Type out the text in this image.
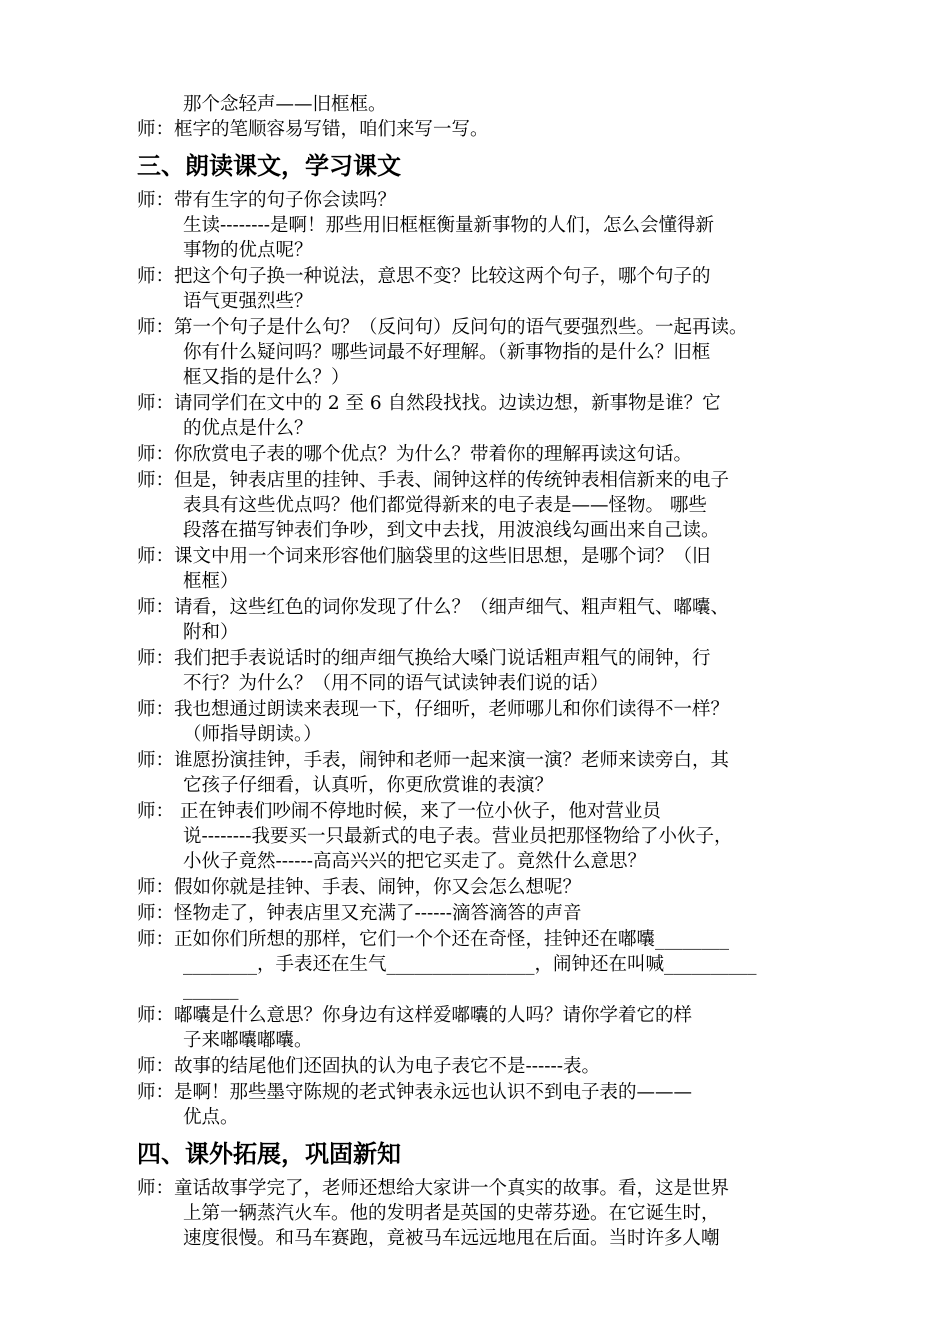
那个念轻声——旧框框。
师：框字的笔顺容易写错，咱们来写一写。
三、朗读课文，学习课文
师：带有生字的句子你会读吗？
生读--------是啊！那些用旧框框衡量新事物的人们，怎么会懂得新
事物的优点呢？
师：把这个句子换一种说法，意思不变？比较这两个句子，哪个句子的
语气更强烈些？
师：第一个句子是什么句？（反问句）反问句的语气要强烈些。一起再读。
你有什么疑问吗？哪些词最不好理解。（新事物指的是什么？旧框
框又指的是什么？）
师：请同学们在文中的 2 至 6 自然段找找。边读边想，新事物是谁？它
的优点是什么？
师：你欣赏电子表的哪个优点？为什么？带着你的理解再读这句话。
师：但是，钟表店里的挂钟、手表、闹钟这样的传统钟表相信新来的电子
表具有这些优点吗？他们都觉得新来的电子表是——怪物。 哪些
段落在描写钟表们争吵，到文中去找，用波浪线勾画出来自己读。
师：课文中用一个词来形容他们脑袋里的这些旧思想，是哪个词？（旧
框框）
师：请看，这些红色的词你发现了什么？（细声细气、粗声粗气、嘟囔、
附和）
师：我们把手表说话时的细声细气换给大嗓门说话粗声粗气的闹钟，行
不行？为什么？（用不同的语气试读钟表们说的话）
师：我也想通过朗读来表现一下，仔细听，老师哪儿和你们读得不一样？
（师指导朗读。）
师：谁愿扮演挂钟，手表，闹钟和老师一起来演一演？老师来读旁白，其
它孩子仔细看，认真听，你更欣赏谁的表演？
师： 正在钟表们吵闹不停地时候，来了一位小伙子，他对营业员
说--------我要买一只最新式的电子表。营业员把那怪物给了小伙子，
小伙子竟然------高高兴兴的把它买走了。竟然什么意思？
师：假如你就是挂钟、手表、闹钟，你又会怎么想呢？
师：怪物走了，钟表店里又充满了------滴答滴答的声音
师：正如你们所想的那样，它们一个个还在奇怪，挂钟还在嘟囔________
________，手表还在生气________________，闹钟还在叫喊__________
______
师：嘟囔是什么意思？你身边有这样爱嘟囔的人吗？请你学着它的样
子来嘟囔嘟囔。
师：故事的结尾他们还固执的认为电子表它不是------表。
师：是啊！那些墨守陈规的老式钟表永远也认识不到电子表的———
优点。
四、课外拓展，巩固新知
师：童话故事学完了，老师还想给大家讲一个真实的故事。看，这是世界
上第一辆蒸汽火车。他的发明者是英国的史蒂芬逊。在它诞生时，
速度很慢。和马车赛跑，竟被马车远远地甩在后面。当时许多人嘲
